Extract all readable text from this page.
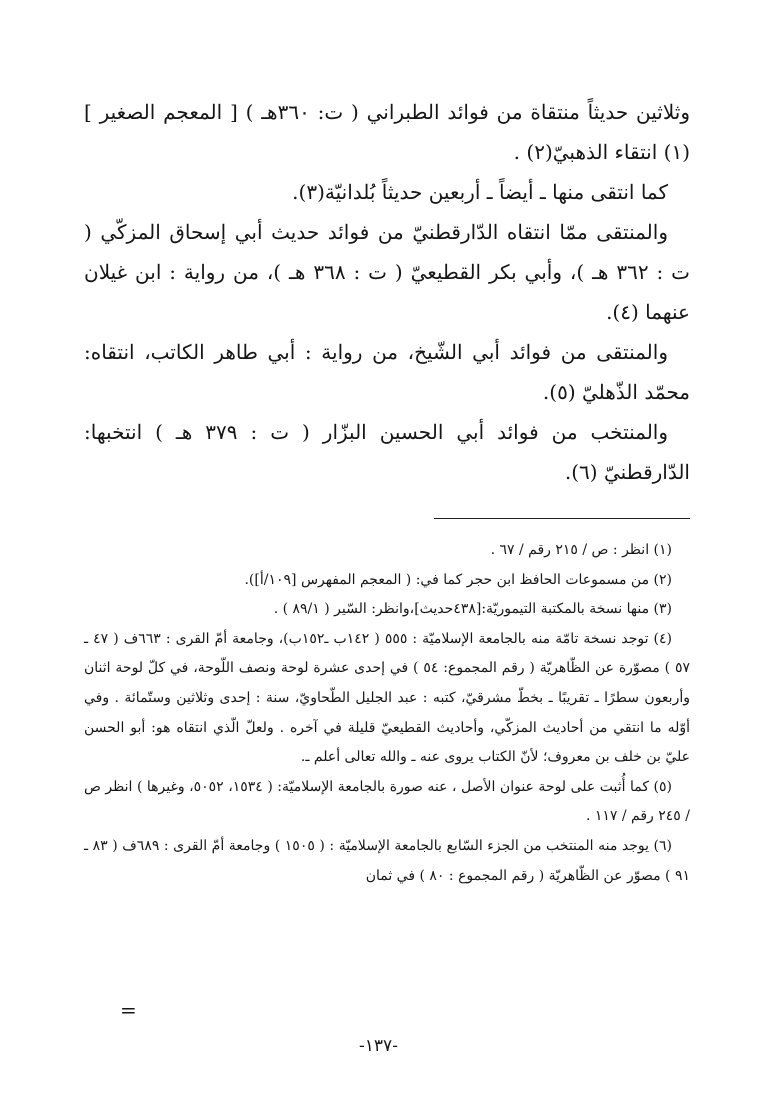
وثلاثين حديثاً منتقاة من فوائد الطبراني ( ت: ٣٦٠هـ ) [ المعجم الصغير ] (١) انتقاء الذهبيّ(٢) .

كما انتقى منها ـ أيضاً ـ أربعين حديثاً بُلدانيّة(٣).

والمنتقى ممّا انتقاه الدّارقطنيّ من فوائد حديث أبي إسحاق المزكّي ( ت : ٣٦٢ هـ )، وأبي بكر القطيعيّ ( ت : ٣٦٨ هـ )، من رواية : ابن غيلان عنهما (٤).

والمنتقى من فوائد أبي الشّيخ، من رواية : أبي طاهر الكاتب، انتقاه: محمّد الذّهليّ (٥).

والمنتخب من فوائد أبي الحسين البزّار ( ت : ٣٧٩ هـ ) انتخبها: الدّارقطنيّ (٦).

(١) انظر : ص / ٢١٥ رقم / ٦٧ .

(٢) من مسموعات الحافظ ابن حجر كما في: ( المعجم المفهرس [١٠٩/أ]).

(٣) منها نسخة بالمكتبة التيموريّة:[٤٣٨حديث]،وانظر: السّير ( ٨٩/١ ) .

(٤) توجد نسخة تامّة منه بالجامعة الإسلاميّة : ٥٥٥ ( ١٤٢ب ـ١٥٢ب)، وجامعة أمّ القرى : ٦٦٣ف ( ٤٧ ـ ٥٧ ) مصوّرة عن الظّاهريّة ( رقم المجموع: ٥٤ ) في إحدى عشرة لوحة ونصف اللّوحة، في كلّ لوحة اثنان وأربعون سطرًا ـ تقريبًا ـ بخطّ مشرقيّ، كتبه : عبد الجليل الطّحاويّ، سنة : إحدى وثلاثين وستّمائة . وفي أوّله ما انتقي من أحاديث المزكّي، وأحاديث القطيعيّ قليلة في آخره . ولعلّ الّذي انتقاه هو: أبو الحسن عليّ بن خلف بن معروف؛ لأنّ الكتاب يروى عنه ـ والله تعالى أعلم ـ.

(٥) كما أُثبت على لوحة عنوان الأصل ، عنه صورة بالجامعة الإسلاميّة: ( ١٥٣٤، ٥٠٥٢، وغيرها ) انظر ص / ٢٤٥ رقم / ١١٧ .

(٦) يوجد منه المنتخب من الجزء السّابع بالجامعة الإسلاميّة : ( ١٥٠٥ ) وجامعة أمّ القرى : ٦٨٩ف ( ٨٣ ـ ٩١ ) مصوّر عن الظّاهريّة ( رقم المجموع : ٨٠ ) في ثمان

=
-١٣٧-
